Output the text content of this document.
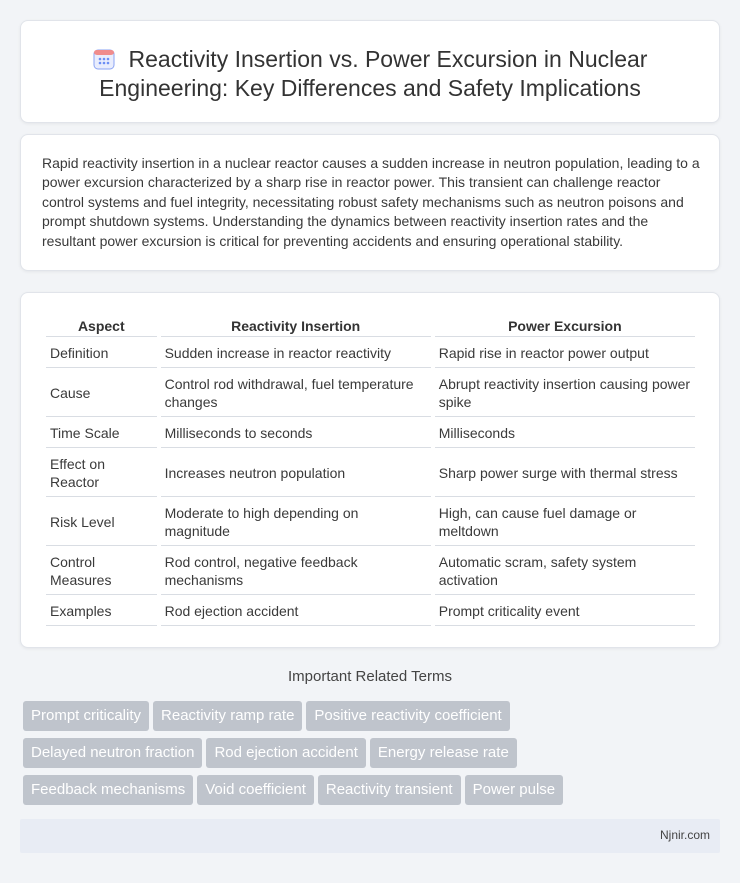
Reactivity Insertion vs. Power Excursion in Nuclear Engineering: Key Differences and Safety Implications

Rapid reactivity insertion in a nuclear reactor causes a sudden increase in neutron population, leading to a power excursion characterized by a sharp rise in reactor power. This transient can challenge reactor control systems and fuel integrity, necessitating robust safety mechanisms such as neutron poisons and prompt shutdown systems. Understanding the dynamics between reactivity insertion rates and the resultant power excursion is critical for preventing accidents and ensuring operational stability.

Aspect	Reactivity Insertion	Power Excursion
Definition	Sudden increase in reactor reactivity	Rapid rise in reactor power output
Cause	Control rod withdrawal, fuel temperature changes	Abrupt reactivity insertion causing power spike
Time Scale	Milliseconds to seconds	Milliseconds
Effect on Reactor	Increases neutron population	Sharp power surge with thermal stress
Risk Level	Moderate to high depending on magnitude	High, can cause fuel damage or meltdown
Control Measures	Rod control, negative feedback mechanisms	Automatic scram, safety system activation
Examples	Rod ejection accident	Prompt criticality event
Important Related Terms
Prompt criticality Reactivity ramp rate Positive reactivity coefficient
Delayed neutron fraction Rod ejection accident Energy release rate
Feedback mechanisms Void coefficient Reactivity transient Power pulse
Njnir.com
